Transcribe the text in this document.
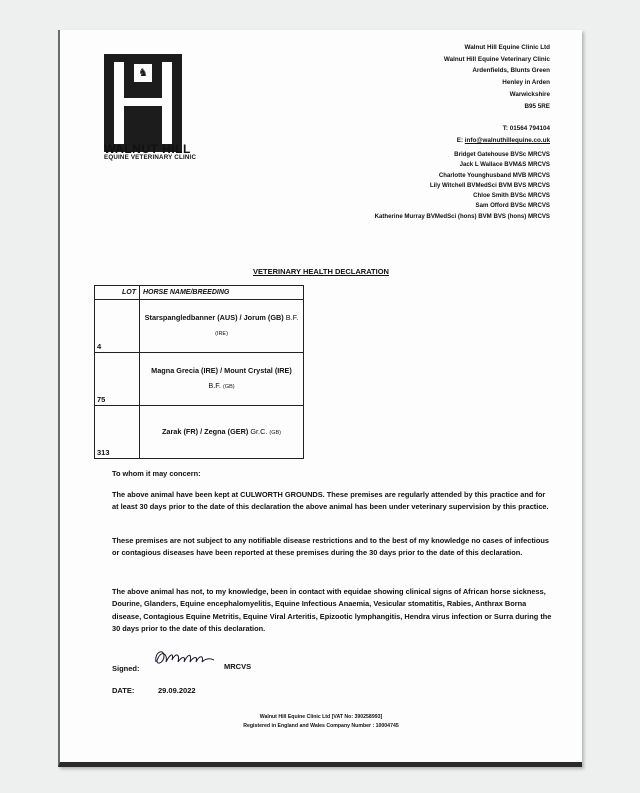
♞
WALNUT HILL
EQUINE VETERINARY CLINIC
Walnut Hill Equine Clinic Ltd
Walnut Hill Equine Veterinary Clinic
Ardenfields, Blunts Green
Henley in Arden
Warwickshire
B95 5RE
T: 01564 794104
E: info@walnuthillequine.co.uk
Bridget Gatehouse BVSc MRCVS
Jack L Wallace BVM&S MRCVS
Charlotte Younghusband MVB MRCVS
Lily Witchell BVMedSci BVM BVS MRCVS
Chloe Smith BVSc MRCVS
Sam Offord BVSc MRCVS
Katherine Murray BVMedSci (hons) BVM BVS (hons) MRCVS
VETERINARY HEALTH DECLARATION
LOT	HORSE NAME/BREEDING
4	Starspangledbanner (AUS) / Jorum (GB) B.F. (IRE)
75	Magna Grecia (IRE) / Mount Crystal (IRE) B.F. (GB)
313	Zarak (FR) / Zegna (GER) Gr.C. (GB)
To whom it may concern:
The above animal have been kept at CULWORTH GROUNDS. These premises are regularly attended by this practice and for at least 30 days prior to the date of this declaration the above animal has been under veterinary supervision by this practice.
These premises are not subject to any notifiable disease restrictions and to the best of my knowledge no cases of infectious or contagious diseases have been reported at these premises during the 30 days prior to the date of this declaration.
The above animal has not, to my knowledge, been in contact with equidae showing clinical signs of African horse sickness, Dourine, Glanders, Equine encephalomyelitis, Equine Infectious Anaemia, Vesicular stomatitis, Rabies, Anthrax Borna disease, Contagious Equine Metritis, Equine Viral Arteritis, Epizootic lymphangitis, Hendra virus infection or Surra during the 30 days prior to the date of this declaration.
Signed:	MRCVS
DATE:	29.09.2022
Walnut Hill Equine Clinic Ltd [VAT No: 390258993]
Registered in England and Wales Company Number : 10004745
